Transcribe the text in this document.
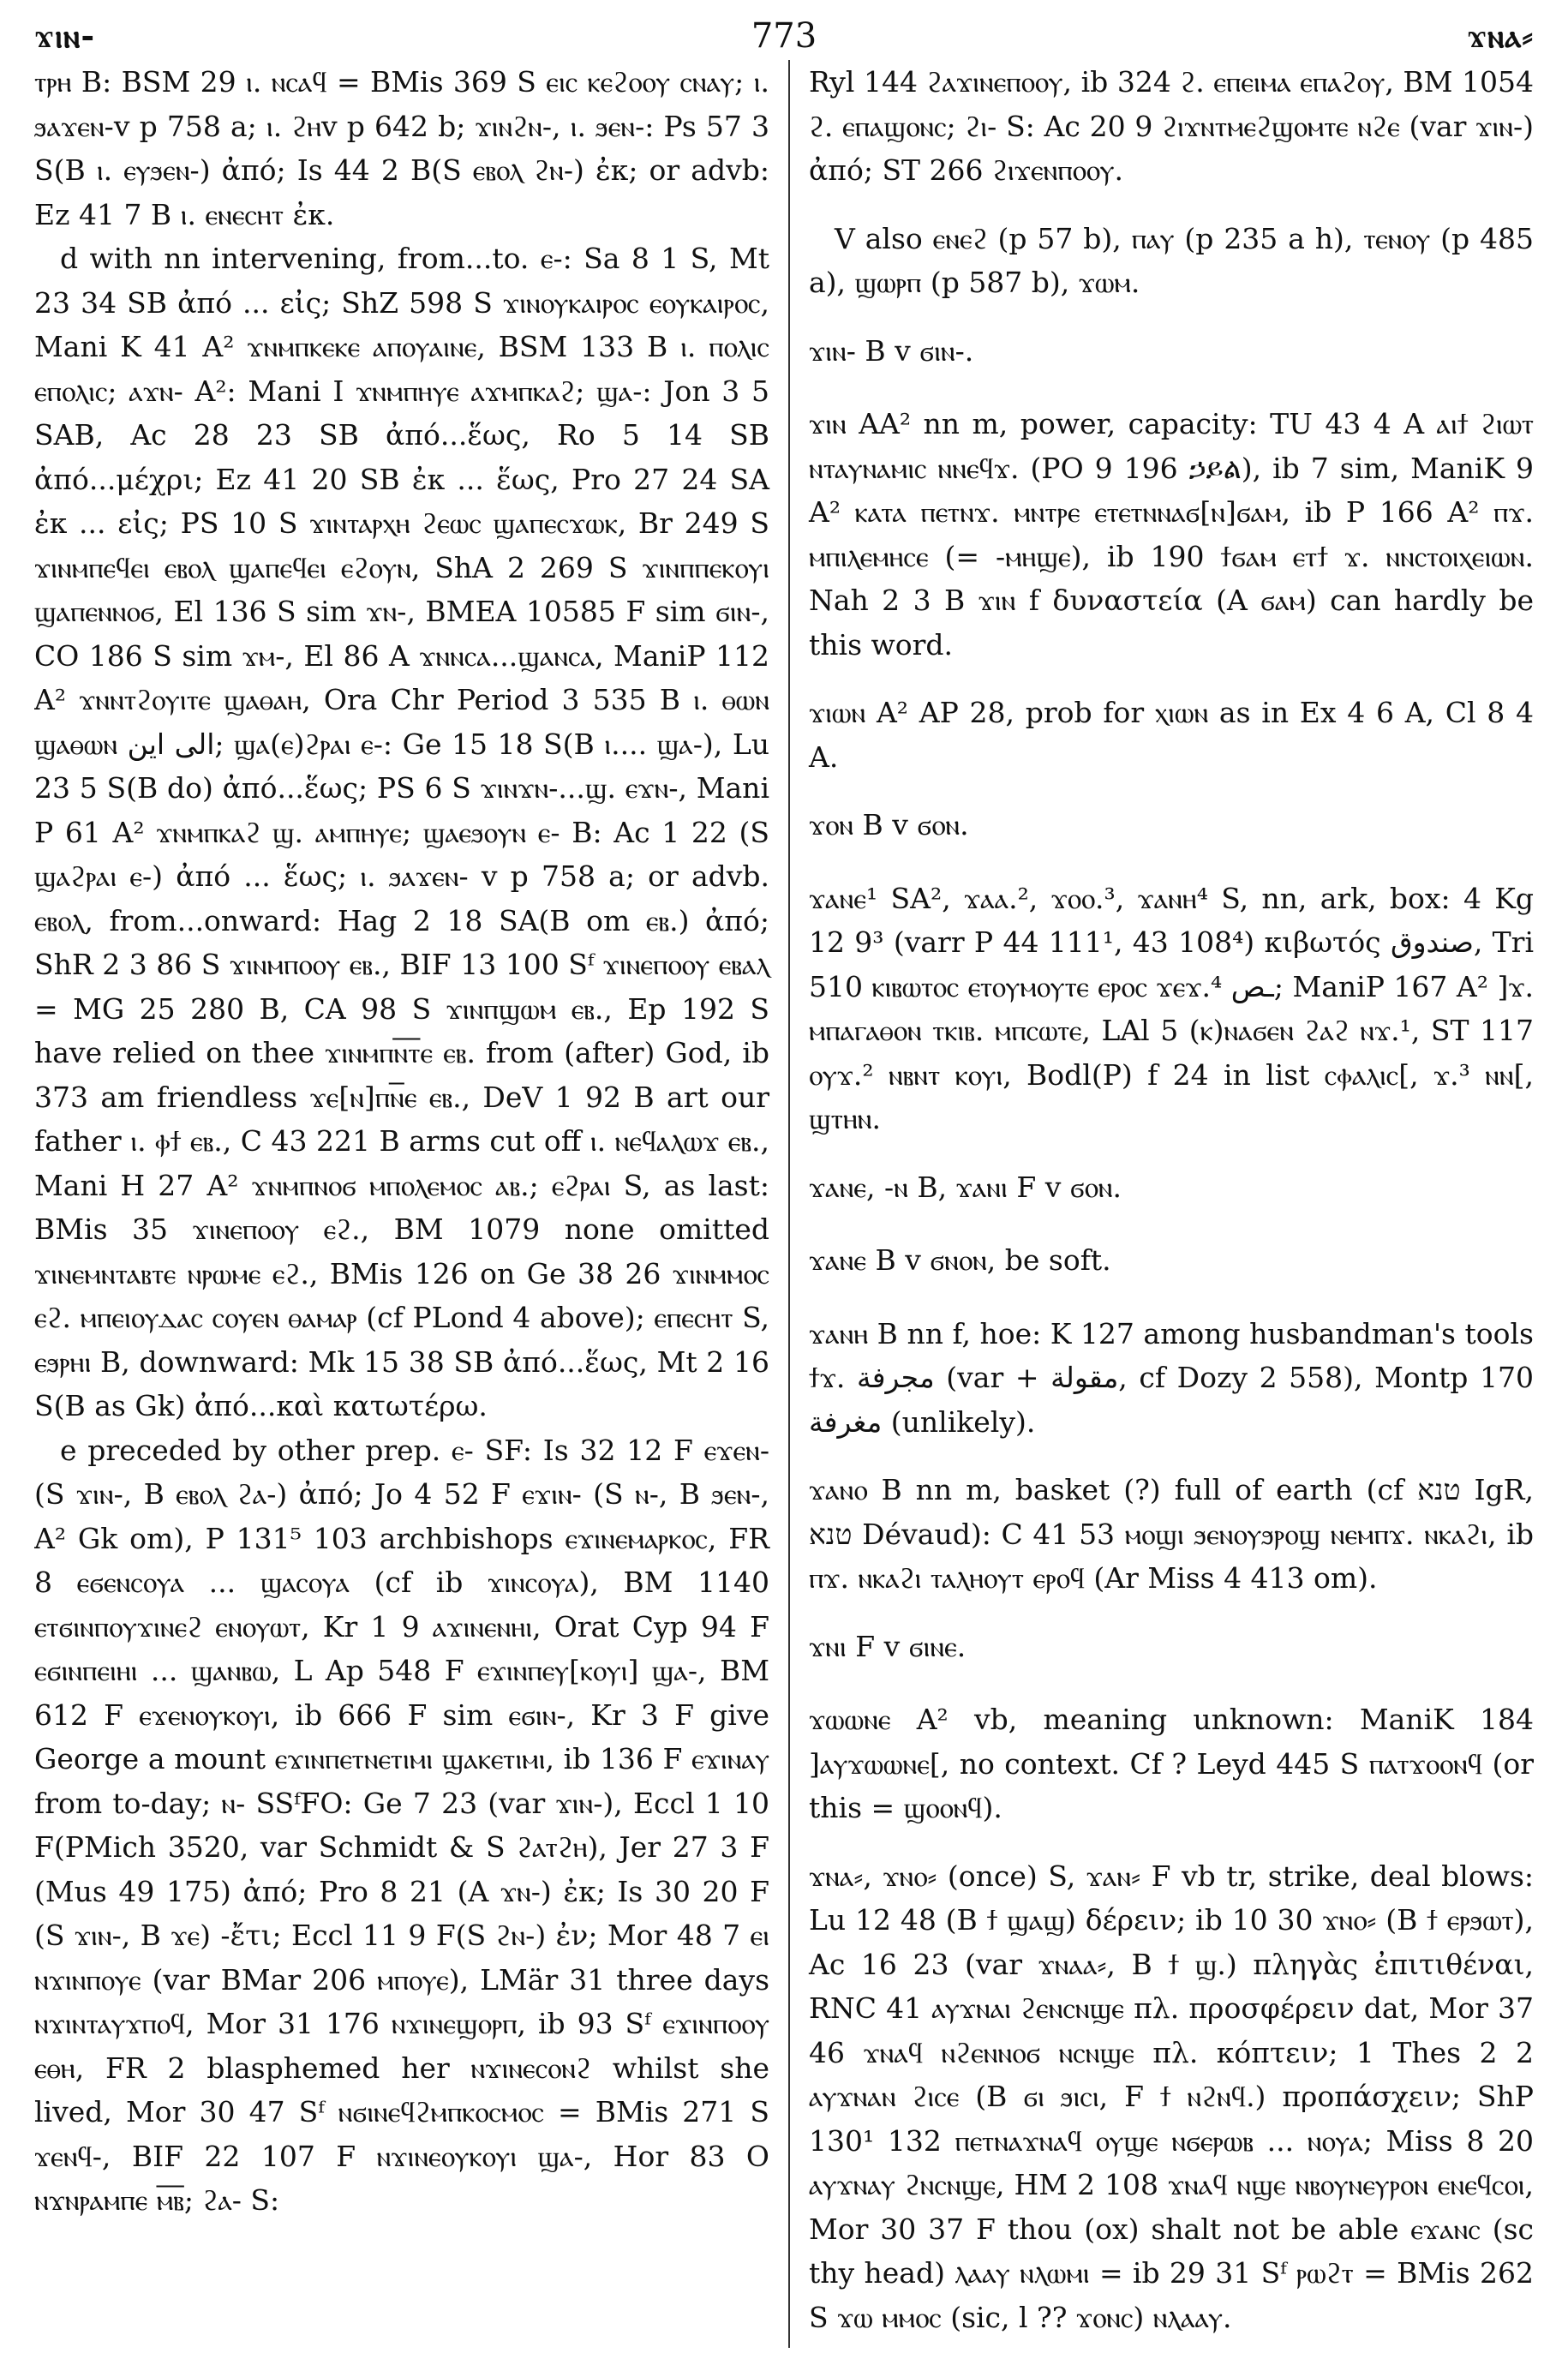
ϫⲓⲛ-	773	ϫⲛⲁ⸗

ⲧⲣⲏ B: BSM 29 ⲓ. ⲛⲥⲁϥ = BMis 369 S ⲉⲓⲥ ⲕⲉϩⲟⲟⲩ ⲥⲛⲁⲩ; ⲓ. ϧⲁϫⲉⲛ-v p 758 a; ⲓ. ϩⲏv p 642 b; ϫⲓⲛϩⲛ-, ⲓ. ϧⲉⲛ-: Ps 57 3 S(B ⲓ. ⲉⲩϧⲉⲛ-) ἀπό; Is 44 2 B(S ⲉⲃⲟⲗ ϩⲛ-) ἐκ; or advb: Ez 41 7 B ⲓ. ⲉⲛⲉⲥⲏⲧ ἐκ.

d with nn intervening, from...to. ⲉ-: Sa 8 1 S, Mt 23 34 SB ἀπό ... εἰς; ShZ 598 S ϫⲓⲛⲟⲩⲕⲁⲓⲣⲟⲥ ⲉⲟⲩⲕⲁⲓⲣⲟⲥ, Mani K 41 A² ϫⲛⲙⲡⲕⲉⲕⲉ ⲁⲡⲟⲩⲁⲓⲛⲉ, BSM 133 B ⲓ. ⲡⲟⲗⲓⲥ ⲉⲡⲟⲗⲓⲥ; ⲁϫⲛ- A²: Mani I ϫⲛⲙⲡⲏⲩⲉ ⲁϫⲙⲡⲕⲁϩ; ϣⲁ-: Jon 3 5 SAB, Ac 28 23 SB ἀπό...ἕως, Ro 5 14 SB ἀπό...μέχρι; Ez 41 20 SB ἐκ ... ἕως, Pro 27 24 SA ἐκ ... εἰς; PS 10 S ϫⲓⲛⲧⲁⲣⲭⲏ ϩⲉⲱⲥ ϣⲁⲡⲉⲥϫⲱⲕ, Br 249 S ϫⲓⲛⲙⲡⲉϥⲉⲓ ⲉⲃⲟⲗ ϣⲁⲡⲉϥⲉⲓ ⲉϩⲟⲩⲛ, ShA 2 269 S ϫⲓⲛⲡⲡⲉⲕⲟⲩⲓ ϣⲁⲡⲉⲛⲛⲟϭ, El 136 S sim ϫⲛ-, BMEA 10585 F sim ϭⲓⲛ-, CO 186 S sim ϫⲙ-, El 86 A ϫⲛⲛⲥⲁ...ϣⲁⲛⲥⲁ, ManiP 112 A² ϫⲛⲛⲧϩⲟⲩⲓⲧⲉ ϣⲁⲑⲁⲏ, Ora Chr Period 3 535 B ⲓ. ⲑⲱⲛ ϣⲁⲑⲱⲛ الى اين; ϣⲁ(ⲉ)ϩⲣⲁⲓ ⲉ-: Ge 15 18 S(B ⲓ.... ϣⲁ-), Lu 23 5 S(B do) ἀπό...ἕως; PS 6 S ϫⲓⲛϫⲛ-...ϣ. ⲉϫⲛ-, Mani P 61 A² ϫⲛⲙⲡⲕⲁϩ ϣ. ⲁⲙⲡⲏⲩⲉ; ϣⲁⲉϧⲟⲩⲛ ⲉ- B: Ac 1 22 (S ϣⲁϩⲣⲁⲓ ⲉ-) ἀπό ... ἕως; ⲓ. ϧⲁϫⲉⲛ- v p 758 a; or advb. ⲉⲃⲟⲗ, from...onward: Hag 2 18 SA(B om ⲉⲃ.) ἀπό; ShR 2 3 86 S ϫⲓⲛⲙⲡⲟⲟⲩ ⲉⲃ., BIF 13 100 Sᶠ ϫⲓⲛⲉⲡⲟⲟⲩ ⲉⲃⲁⲗ = MG 25 280 B, CA 98 S ϫⲓⲛⲡϣⲱⲙ ⲉⲃ., Ep 192 S have relied on thee ϫⲓⲛⲙⲡⲛ︦ⲧ︦ⲉ ⲉⲃ. from (after) God, ib 373 am friendless ϫⲉ[ⲛ]ⲡⲛ︦ⲉ ⲉⲃ., DeV 1 92 B art our father ⲓ. ⲫϯ ⲉⲃ., C 43 221 B arms cut off ⲓ. ⲛⲉϥⲁⲗⲱϫ ⲉⲃ., Mani H 27 A² ϫⲛⲙⲡⲛⲟϭ ⲙⲡⲟⲗⲉⲙⲟⲥ ⲁⲃ.; ⲉϩⲣⲁⲓ S, as last: BMis 35 ϫⲓⲛⲉⲡⲟⲟⲩ ⲉϩ., BM 1079 none omitted ϫⲓⲛⲉⲙⲛⲧⲁⲃⲧⲉ ⲛⲣⲱⲙⲉ ⲉϩ., BMis 126 on Ge 38 26 ϫⲓⲛⲙⲙⲟⲥ ⲉϩ. ⲙⲡⲉⲓⲟⲩⲇⲁⲥ ⲥⲟⲩⲉⲛ ⲑⲁⲙⲁⲣ (cf PLond 4 above); ⲉⲡⲉⲥⲏⲧ S, ⲉϧⲣⲏⲓ B, downward: Mk 15 38 SB ἀπό...ἕως, Mt 2 16 S(B as Gk) ἀπό...καὶ κατωτέρω.

e preceded by other prep. ⲉ- SF: Is 32 12 F ⲉϫⲉⲛ- (S ϫⲓⲛ-, B ⲉⲃⲟⲗ ϩⲁ-) ἀπό; Jo 4 52 F ⲉϫⲓⲛ- (S ⲛ-, B ϧⲉⲛ-, A² Gk om), P 131⁵ 103 archbishops ⲉϫⲓⲛⲉⲙⲁⲣⲕⲟⲥ, FR 8 ⲉϭⲉⲛⲥⲟⲩⲁ ... ϣⲁⲥⲟⲩⲁ (cf ib ϫⲓⲛⲥⲟⲩⲁ), BM 1140 ⲉⲧϭⲓⲛⲡⲟⲩϫⲓⲛⲉϩ ⲉⲛⲟⲩⲱⲧ, Kr 1 9 ⲁϫⲓⲛⲉⲛⲏⲓ, Orat Cyp 94 F ⲉϭⲓⲛⲡⲉⲓⲏⲓ ... ϣⲁⲛⲃⲱ, L Ap 548 F ⲉϫⲓⲛⲡⲉⲩ[ⲕⲟⲩⲓ] ϣⲁ-, BM 612 F ⲉϫⲉⲛⲟⲩⲕⲟⲩⲓ, ib 666 F sim ⲉϭⲓⲛ-, Kr 3 F give George a mount ⲉϫⲓⲛⲡⲉⲧⲛⲉⲧⲓⲙⲓ ϣⲁⲕⲉⲧⲓⲙⲓ, ib 136 F ⲉϫⲓⲛⲁⲩ from to-day; ⲛ- SSᶠFO: Ge 7 23 (var ϫⲓⲛ-), Eccl 1 10 F(PMich 3520, var Schmidt & S ϩⲁⲧϩⲏ), Jer 27 3 F (Mus 49 175) ἀπό; Pro 8 21 (A ϫⲛ-) ἐκ; Is 30 20 F (S ϫⲓⲛ-, B ϫⲉ) -ἔτι; Eccl 11 9 F(S ϩⲛ-) ἐν; Mor 48 7 ⲉⲓ ⲛϫⲓⲛⲡⲟⲩⲉ (var BMar 206 ⲙⲡⲟⲩⲉ), LMär 31 three days ⲛϫⲓⲛⲧⲁⲩϫⲡⲟϥ, Mor 31 176 ⲛϫⲓⲛⲉϣⲟⲣⲡ, ib 93 Sᶠ ⲉϫⲓⲛⲡⲟⲟⲩ ⲉⲑⲏ, FR 2 blasphemed her ⲛϫⲓⲛⲉⲥⲟⲛϩ whilst she lived, Mor 30 47 Sᶠ ⲛϭⲓⲛⲉϥϩⲙⲡⲕⲟⲥⲙⲟⲥ = BMis 271 S ϫⲉⲛϥ-, BIF 22 107 F ⲛϫⲓⲛⲉⲟⲩⲕⲟⲩⲓ ϣⲁ-, Hor 83 O ⲛϫⲛⲣⲁⲙⲡⲉ ⲙ︦ⲃ︦; ϩⲁ- S:

Ryl 144 ϩⲁϫⲓⲛⲉⲡⲟⲟⲩ, ib 324 ϩ. ⲉⲡⲉⲓⲙⲁ ⲉⲡⲁϩⲟⲩ, BM 1054 ϩ. ⲉⲡⲁϣⲟⲛⲥ; ϩⲓ- S: Ac 20 9 ϩⲓϫⲛⲧⲙⲉϩϣⲟⲙⲧⲉ ⲛϩⲉ (var ϫⲓⲛ-) ἀπό; ST 266 ϩⲓϫⲉⲛⲡⲟⲟⲩ.

V also ⲉⲛⲉϩ (p 57 b), ⲡⲁⲩ (p 235 a h), ⲧⲉⲛⲟⲩ (p 485 a), ϣⲱⲣⲡ (p 587 b), ϫⲱⲙ.

ϫⲓⲛ- B v ϭⲓⲛ-.

ϫⲓⲛ AA² nn m, power, capacity: TU 43 4 A ⲁⲓϯ ϩⲓⲱⲧ ⲛⲧⲁⲩⲛⲁⲙⲓⲥ ⲛⲛⲉϥϫ. (PO 9 196 ኃይል), ib 7 sim, ManiK 9 A² ⲕⲁⲧⲁ ⲡⲉⲧⲛϫ. ⲙⲛⲧⲣⲉ ⲉⲧⲉⲧⲛⲛⲁϭ[ⲛ]ϭⲁⲙ, ib P 166 A² ⲡϫ. ⲙⲡⲓⲗⲉⲙⲏⲥⲉ (= -ⲙⲏϣⲉ), ib 190 ϯϭⲁⲙ ⲉⲧϯ ϫ. ⲛⲛⲥⲧⲟⲓⲭⲉⲓⲱⲛ. Nah 2 3 B ϫⲓⲛ f δυναστεία (A ϭⲁⲙ) can hardly be this word.

ϫⲓⲱⲛ A² AP 28, prob for ⲭⲓⲱⲛ as in Ex 4 6 A, Cl 8 4 A.

ϫⲟⲛ B v ϭⲟⲛ.

ϫⲁⲛⲉ¹ SA², ϫⲁⲁ.², ϫⲟⲟ.³, ϫⲁⲛⲏ⁴ S, nn, ark, box: 4 Kg 12 9³ (varr P 44 111¹, 43 108⁴) κιβωτός صندوق, Tri 510 ⲕⲓⲃⲱⲧⲟⲥ ⲉⲧⲟⲩⲙⲟⲩⲧⲉ ⲉⲣⲟⲥ ϫⲉϫ.⁴ ـص; ManiP 167 A² ]ϫ. ⲙⲡⲁⲅⲁⲑⲟⲛ ⲧⲕⲓⲃ. ⲙⲡⲥⲱⲧⲉ, LAl 5 (ⲕ)ⲛⲁϭⲉⲛ ϩⲁϩ ⲛϫ.¹, ST 117 ⲟⲩϫ.² ⲛⲃⲛⲧ ⲕⲟⲩⲓ, Bodl(P) f 24 in list ⲥⲫⲁⲗⲓⲥ[, ϫ.³ ⲛⲛ[, ϣⲧⲏⲛ.

ϫⲁⲛⲉ, -ⲛ B, ϫⲁⲛⲓ F v ϭⲟⲛ.

ϫⲁⲛⲉ B v ϭⲛⲟⲛ, be soft.

ϫⲁⲛⲏ B nn f, hoe: K 127 among husbandman's tools ϯϫ. مجرفة (var + مقولة, cf Dozy 2 558), Montp 170 مغرفة (unlikely).

ϫⲁⲛⲟ B nn m, basket (?) full of earth (cf טנא IgR, טנא Dévaud): C 41 53 ⲙⲟϣⲓ ϧⲉⲛⲟⲩϧⲣⲟϣ ⲛⲉⲙⲡϫ. ⲛⲕⲁϩⲓ, ib ⲡϫ. ⲛⲕⲁϩⲓ ⲧⲁⲗⲏⲟⲩⲧ ⲉⲣⲟϥ (Ar Miss 4 413 om).

ϫⲛⲓ F v ϭⲓⲛⲉ.

ϫⲱⲱⲛⲉ A² vb, meaning unknown: ManiK 184 ]ⲁⲩϫⲱⲱⲛⲉ[, no context. Cf ? Leyd 445 S ⲡⲁⲧϫⲟⲟⲛϥ (or this = ϣⲟⲟⲛϥ).

ϫⲛⲁ⸗, ϫⲛⲟ⸗ (once) S, ϫⲁⲛ⸗ F vb tr, strike, deal blows: Lu 12 48 (B ϯ ϣⲁϣ) δέρειν; ib 10 30 ϫⲛⲟ⸗ (B ϯ ⲉⲣϧⲱⲧ), Ac 16 23 (var ϫⲛⲁⲁ⸗, B ϯ ϣ.) πληγὰς ἐπιτιθέναι, RNC 41 ⲁⲩϫⲛⲁⲓ ϩⲉⲛⲥⲛϣⲉ πλ. προσφέρειν dat, Mor 37 46 ϫⲛⲁϥ ⲛϩⲉⲛⲛⲟϭ ⲛⲥⲛϣⲉ πλ. κόπτειν; 1 Thes 2 2 ⲁⲩϫⲛⲁⲛ ϩⲓⲥⲉ (B ϭⲓ ϧⲓⲥⲓ, F ϯ ⲛϩⲛϥ.) προπάσχειν; ShP 130¹ 132 ⲡⲉⲧⲛⲁϫⲛⲁϥ ⲟⲩϣⲉ ⲛϭⲉⲣⲱⲃ ... ⲛⲟⲩⲁ; Miss 8 20 ⲁⲩϫⲛⲁⲩ ϩⲛⲥⲛϣⲉ, HM 2 108 ϫⲛⲁϥ ⲛϣⲉ ⲛⲃⲟⲩⲛⲉⲩⲣⲟⲛ ⲉⲛⲉϥⲥⲟⲓ, Mor 30 37 F thou (ox) shalt not be able ⲉϫⲁⲛⲥ (sc thy head) ⲗⲁⲁⲩ ⲛⲗⲱⲙⲓ = ib 29 31 Sᶠ ⲣⲱϩⲧ = BMis 262 S ϫⲱ ⲙⲙⲟⲥ (sic, l ?? ϫⲟⲛⲥ) ⲛⲗⲁⲁⲩ.
